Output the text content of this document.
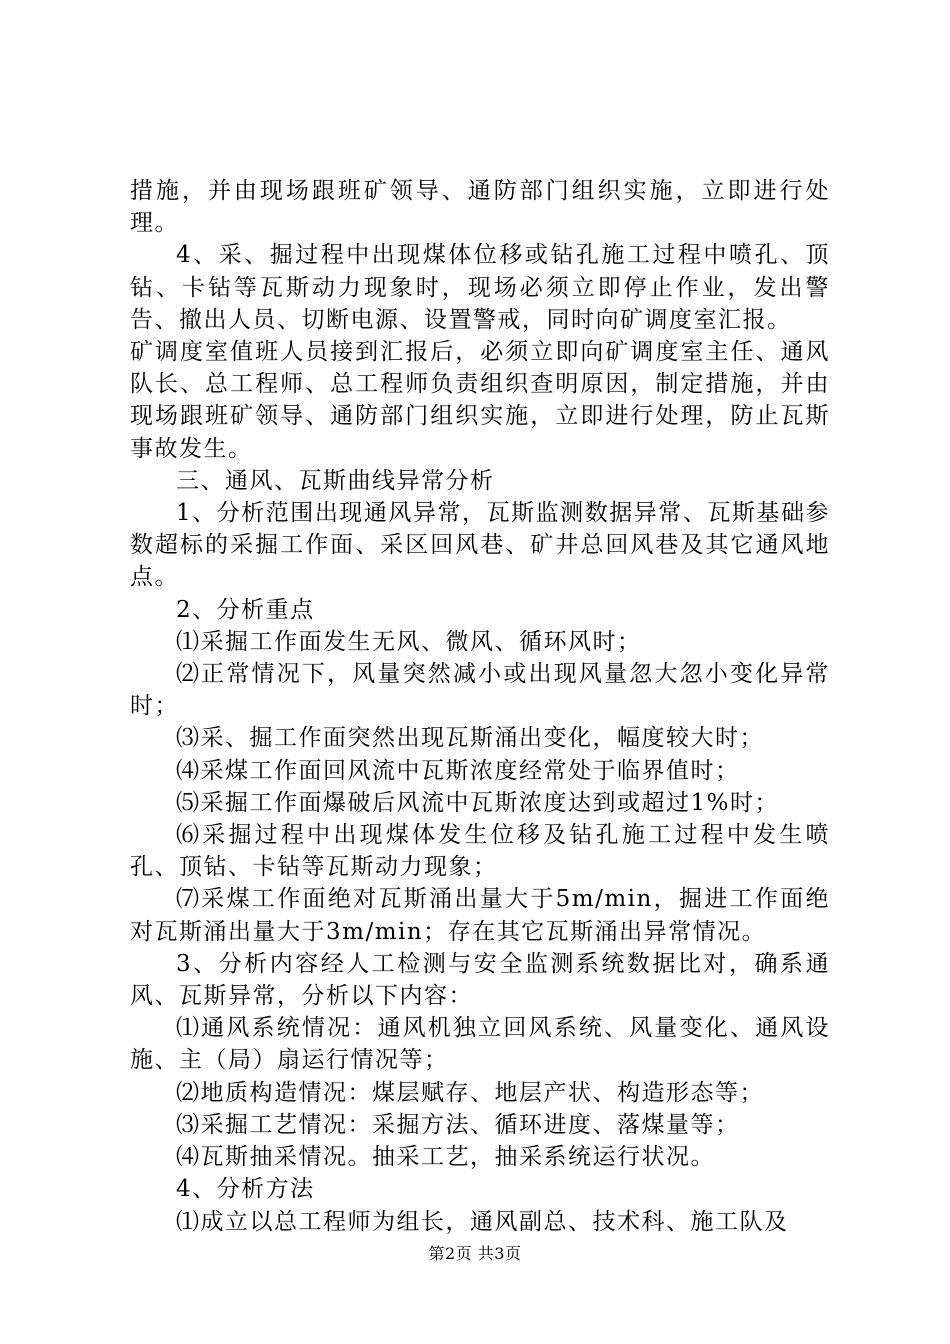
措施，并由现场跟班矿领导、通防部门组织实施，立即进行处理。

4、采、掘过程中出现煤体位移或钻孔施工过程中喷孔、顶钻、卡钻等瓦斯动力现象时，现场必须立即停止作业，发出警告、撤出人员、切断电源、设置警戒，同时向矿调度室汇报。

矿调度室值班人员接到汇报后，必须立即向矿调度室主任、通风队长、总工程师、总工程师负责组织查明原因，制定措施，并由现场跟班矿领导、通防部门组织实施，立即进行处理，防止瓦斯事故发生。

三、通风、瓦斯曲线异常分析

1、分析范围出现通风异常，瓦斯监测数据异常、瓦斯基础参数超标的采掘工作面、采区回风巷、矿井总回风巷及其它通风地点。

2、分析重点

⑴采掘工作面发生无风、微风、循环风时；

⑵正常情况下，风量突然减小或出现风量忽大忽小变化异常时；

⑶采、掘工作面突然出现瓦斯涌出变化，幅度较大时；

⑷采煤工作面回风流中瓦斯浓度经常处于临界值时；

⑸采掘工作面爆破后风流中瓦斯浓度达到或超过1%时；

⑹采掘过程中出现煤体发生位移及钻孔施工过程中发生喷孔、顶钻、卡钻等瓦斯动力现象；

⑺采煤工作面绝对瓦斯涌出量大于5m/min，掘进工作面绝对瓦斯涌出量大于3m/min；存在其它瓦斯涌出异常情况。

3、分析内容经人工检测与安全监测系统数据比对，确系通风、瓦斯异常，分析以下内容：

⑴通风系统情况：通风机独立回风系统、风量变化、通风设施、主（局）扇运行情况等；

⑵地质构造情况：煤层赋存、地层产状、构造形态等；

⑶采掘工艺情况：采掘方法、循环进度、落煤量等；

⑷瓦斯抽采情况。抽采工艺，抽采系统运行状况。

4、分析方法

⑴成立以总工程师为组长，通风副总、技术科、施工队及

第2页 共3页
